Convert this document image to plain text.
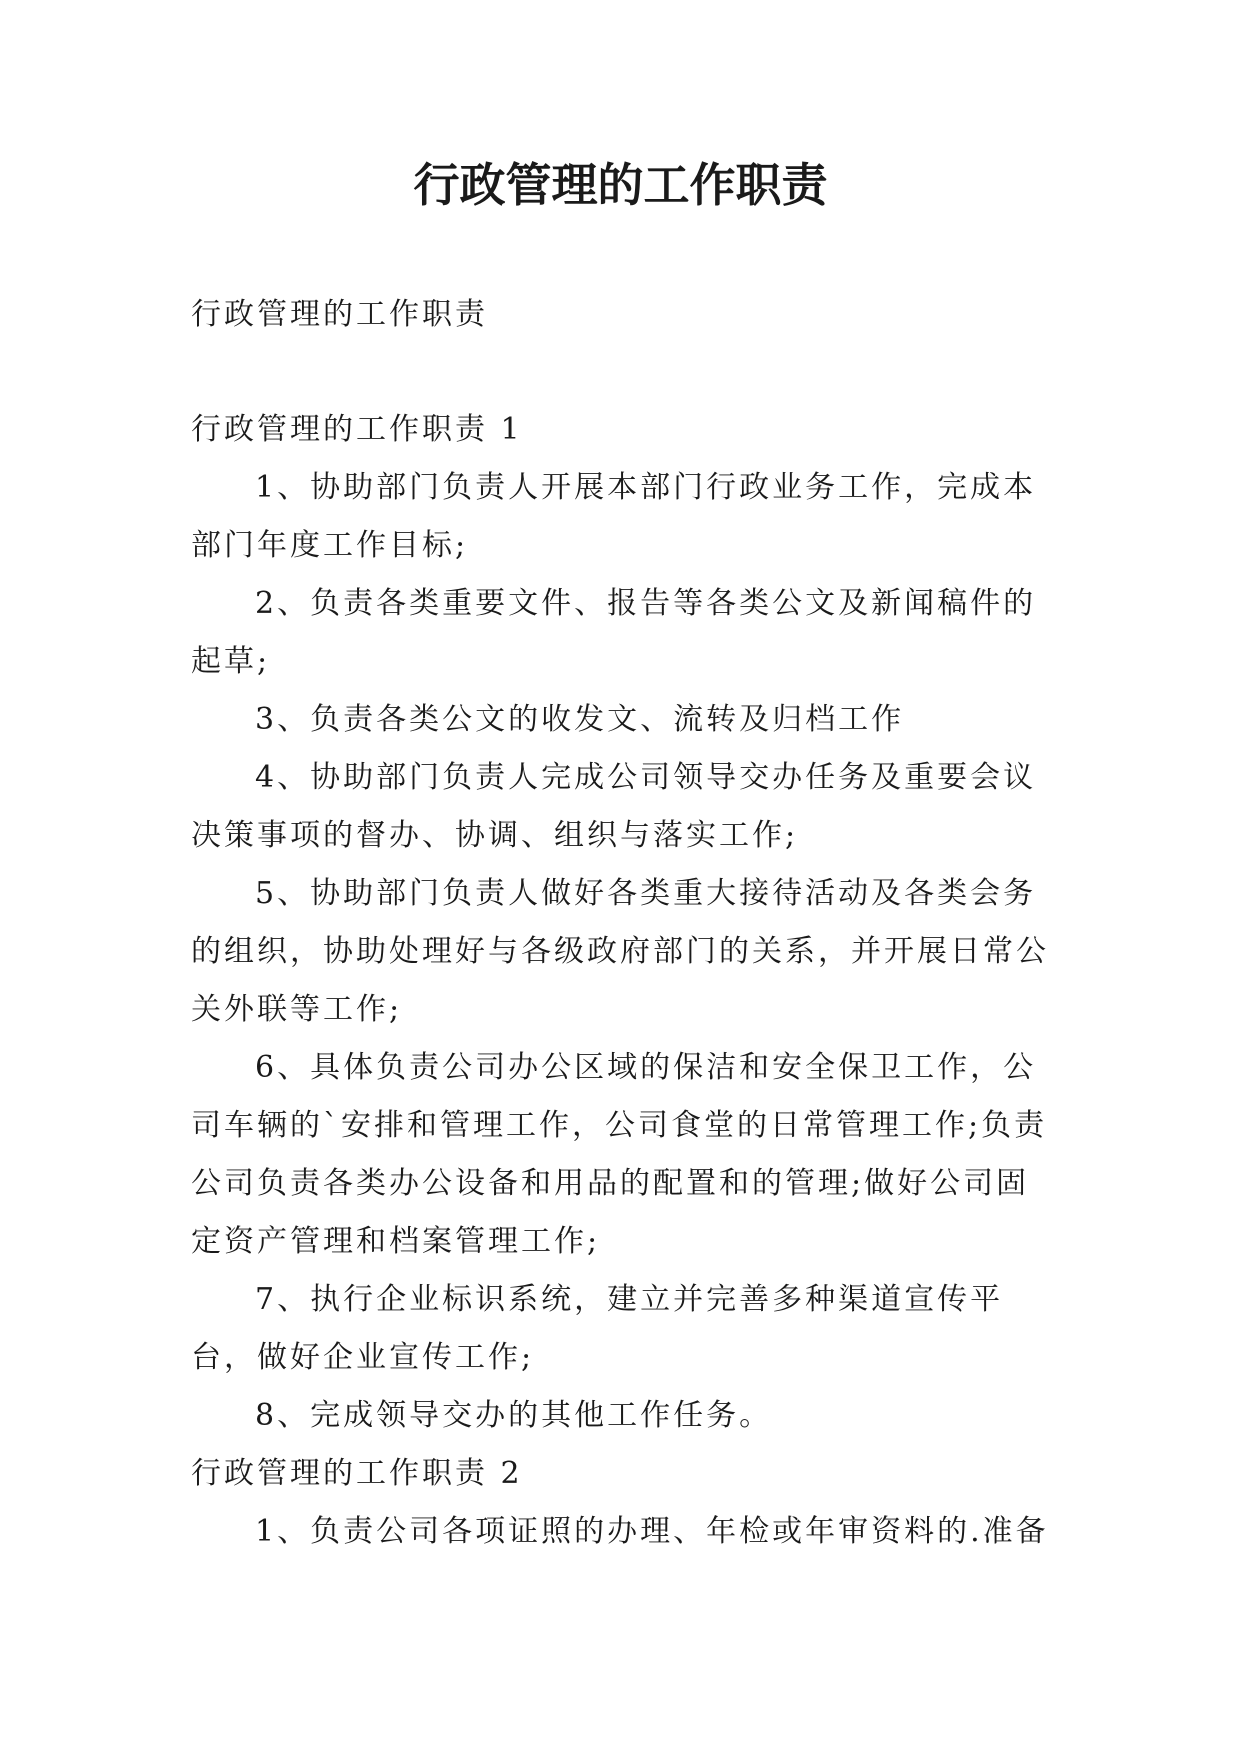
行政管理的工作职责

行政管理的工作职责

行政管理的工作职责 1

1、协助部门负责人开展本部门行政业务工作，完成本部门年度工作目标;

2、负责各类重要文件、报告等各类公文及新闻稿件的起草;

3、负责各类公文的收发文、流转及归档工作

4、协助部门负责人完成公司领导交办任务及重要会议决策事项的督办、协调、组织与落实工作;

5、协助部门负责人做好各类重大接待活动及各类会务的组织，协助处理好与各级政府部门的关系，并开展日常公关外联等工作;

6、具体负责公司办公区域的保洁和安全保卫工作，公司车辆的`安排和管理工作，公司食堂的日常管理工作;负责公司负责各类办公设备和用品的配置和的管理;做好公司固定资产管理和档案管理工作;

7、执行企业标识系统，建立并完善多种渠道宣传平台，做好企业宣传工作;

8、完成领导交办的其他工作任务。

行政管理的工作职责 2

1、负责公司各项证照的办理、年检或年审资料的.准备
